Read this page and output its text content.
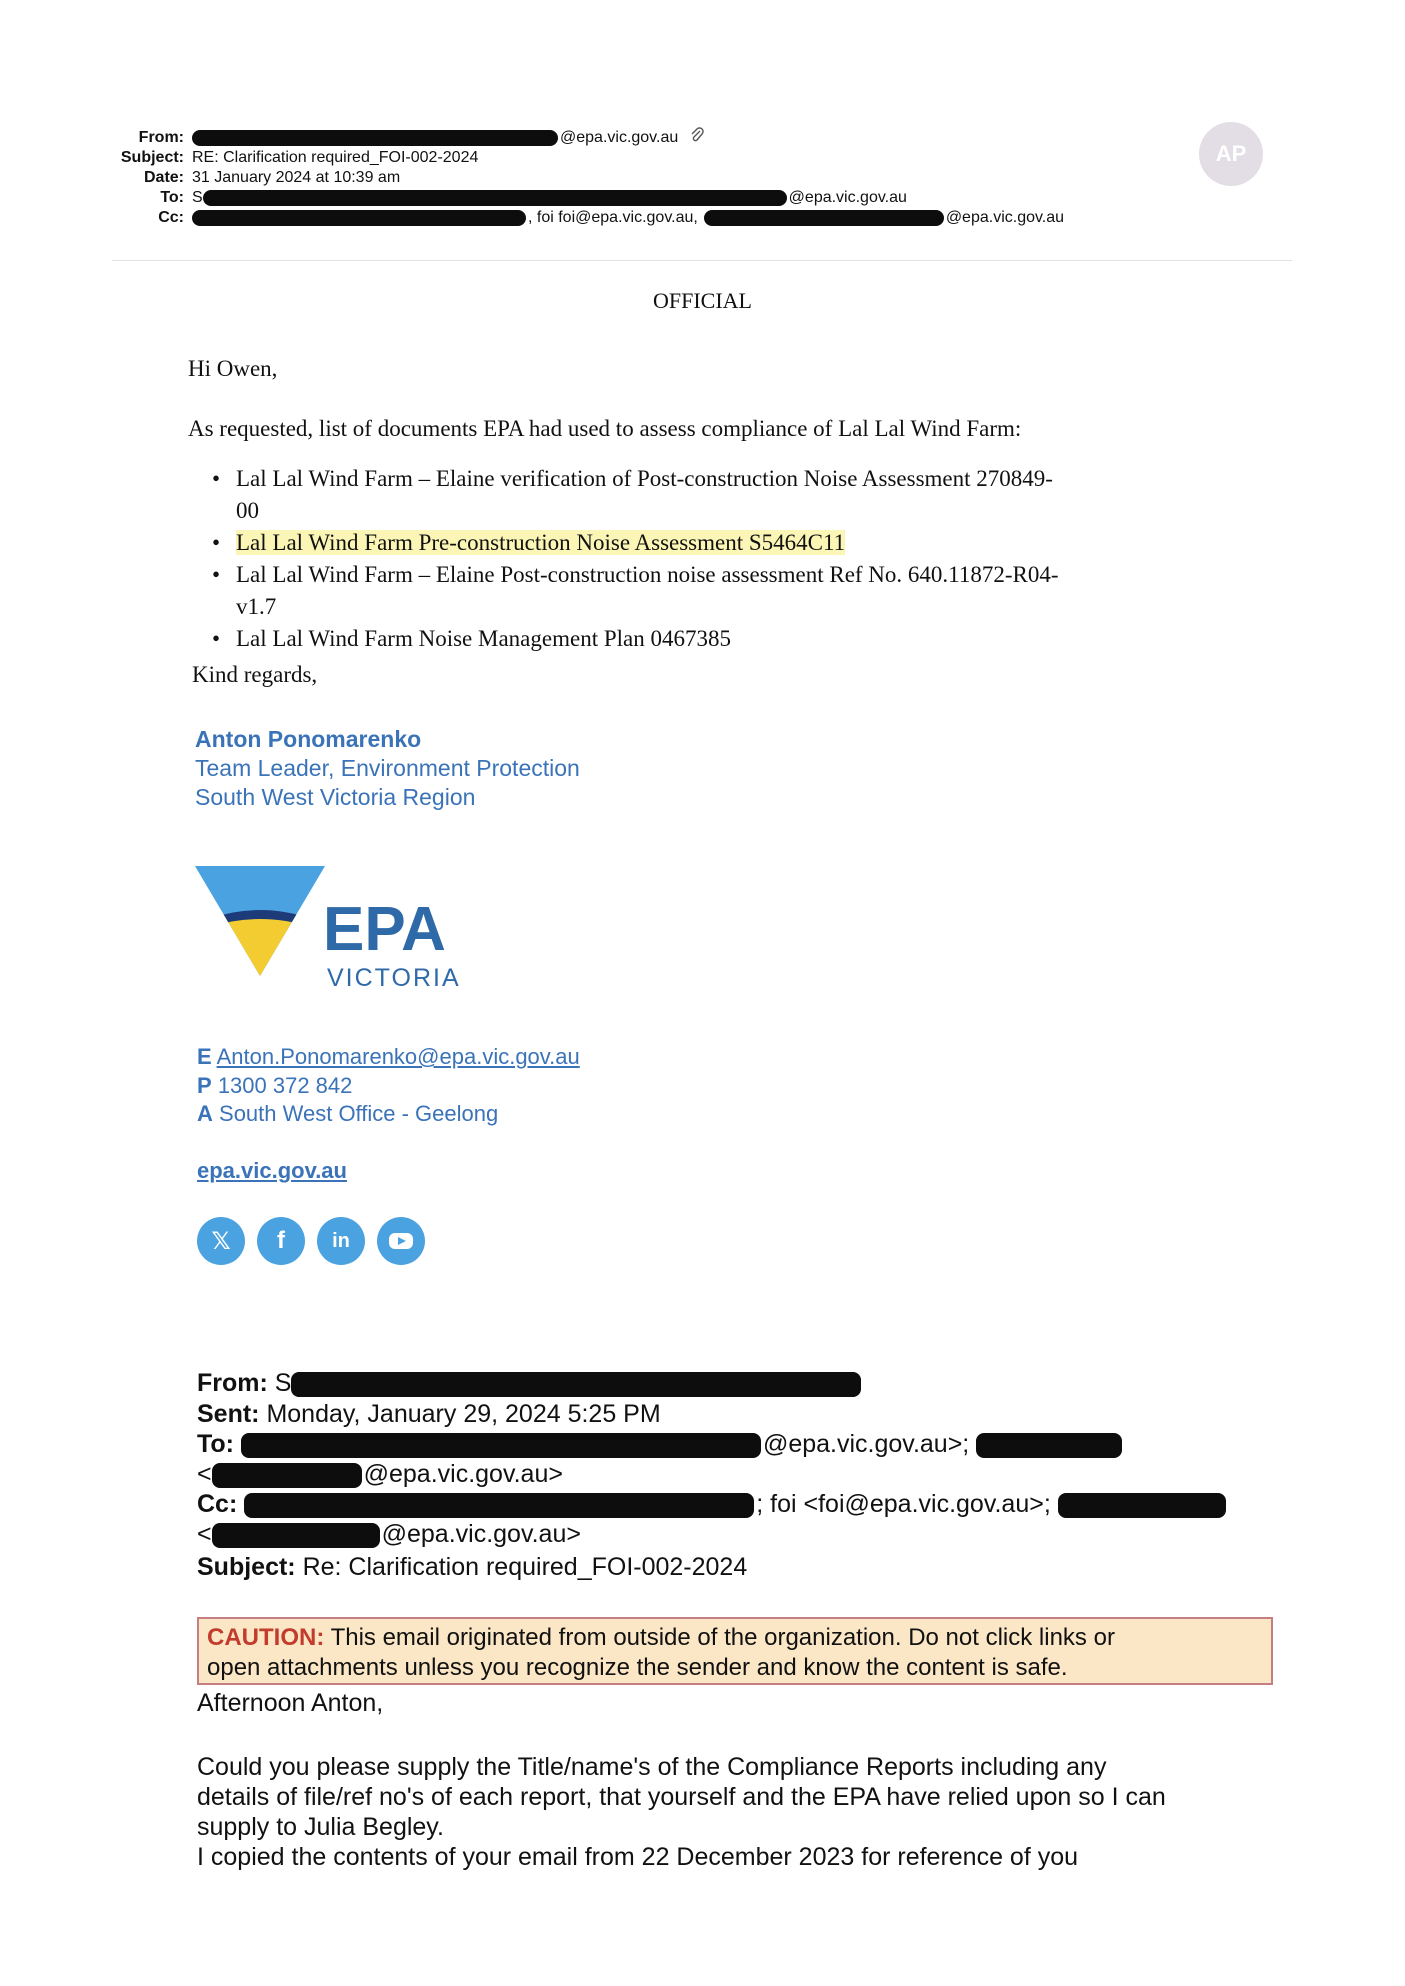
From:	@epa.vic.gov.au
Subject: RE: Clarification required_FOI-002-2024
Date: 31 January 2024 at 10:39 am
To: S	@epa.vic.gov.au
Cc:	, foi foi@epa.vic.gov.au,	@epa.vic.gov.au
AP
OFFICIAL
Hi Owen,
As requested, list of documents EPA had used to assess compliance of Lal Lal Wind Farm:
• Lal Lal Wind Farm – Elaine verification of Post-construction Noise Assessment 270849-
00
• Lal Lal Wind Farm Pre-construction Noise Assessment S5464C11
• Lal Lal Wind Farm – Elaine Post-construction noise assessment Ref No. 640.11872-R04-
v1.7
• Lal Lal Wind Farm Noise Management Plan 0467385
Kind regards,
Anton Ponomarenko
Team Leader, Environment Protection
South West Victoria Region
EPA
VICTORIA
E Anton.Ponomarenko@epa.vic.gov.au
P 1300 372 842
A South West Office - Geelong
epa.vic.gov.au
𝕏	f	in
From: S
Sent: Monday, January 29, 2024 5:25 PM
To:	@epa.vic.gov.au>;
<	@epa.vic.gov.au>
Cc:	; foi <foi@epa.vic.gov.au>;
<	@epa.vic.gov.au>
Subject: Re: Clarification required_FOI-002-2024
CAUTION: This email originated from outside of the organization. Do not click links or
open attachments unless you recognize the sender and know the content is safe.
Afternoon Anton,
Could you please supply the Title/name's of the Compliance Reports including any
details of file/ref no's of each report, that yourself and the EPA have relied upon so I can
supply to Julia Begley.
I copied the contents of your email from 22 December 2023 for reference of you
